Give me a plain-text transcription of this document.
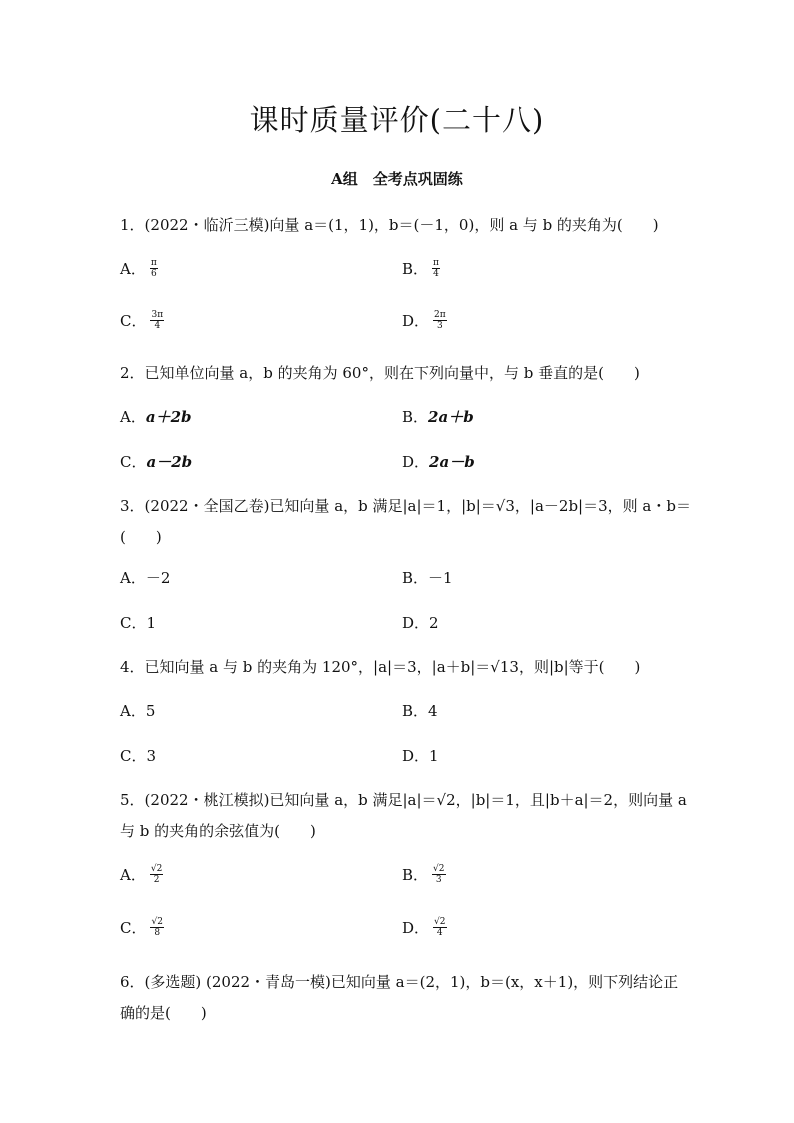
课时质量评价(二十八)
A组　全考点巩固练
1．(2022・临沂三模)向量 a＝(1，1)，b＝(－1，0)，则 a 与 b 的夹角为(　　)
A． $\frac{\pi}{6}$	B． $\frac{\pi}{4}$
C． $\frac{3\pi}{4}$	D． $\frac{2\pi}{3}$
2．已知单位向量 a，b 的夹角为 60°，则在下列向量中，与 b 垂直的是(　　)
A． a＋2b	B． 2a＋b
C． a－2b	D． 2a－b
3．(2022・全国乙卷)已知向量 a，b 满足|a|＝1，|b|＝√3，|a－2b|＝3，则 a・b＝
(　　)
A．－2	B．－1
C．1	D．2
4．已知向量 a 与 b 的夹角为 120°，|a|＝3，|a＋b|＝√13，则|b|等于(　　)
A．5	B．4
C．3	D．1
5．(2022・桃江模拟)已知向量 a，b 满足|a|＝√2，|b|＝1，且|b＋a|＝2，则向量 a
与 b 的夹角的余弦值为(　　)
A． $\frac{√2}{2}$	B． $\frac{√2}{3}$
C． $\frac{√2}{8}$	D． $\frac{√2}{4}$
6．(多选题) (2022・青岛一模)已知向量 a＝(2，1)，b＝(x，x＋1)，则下列结论正
确的是(　　)
